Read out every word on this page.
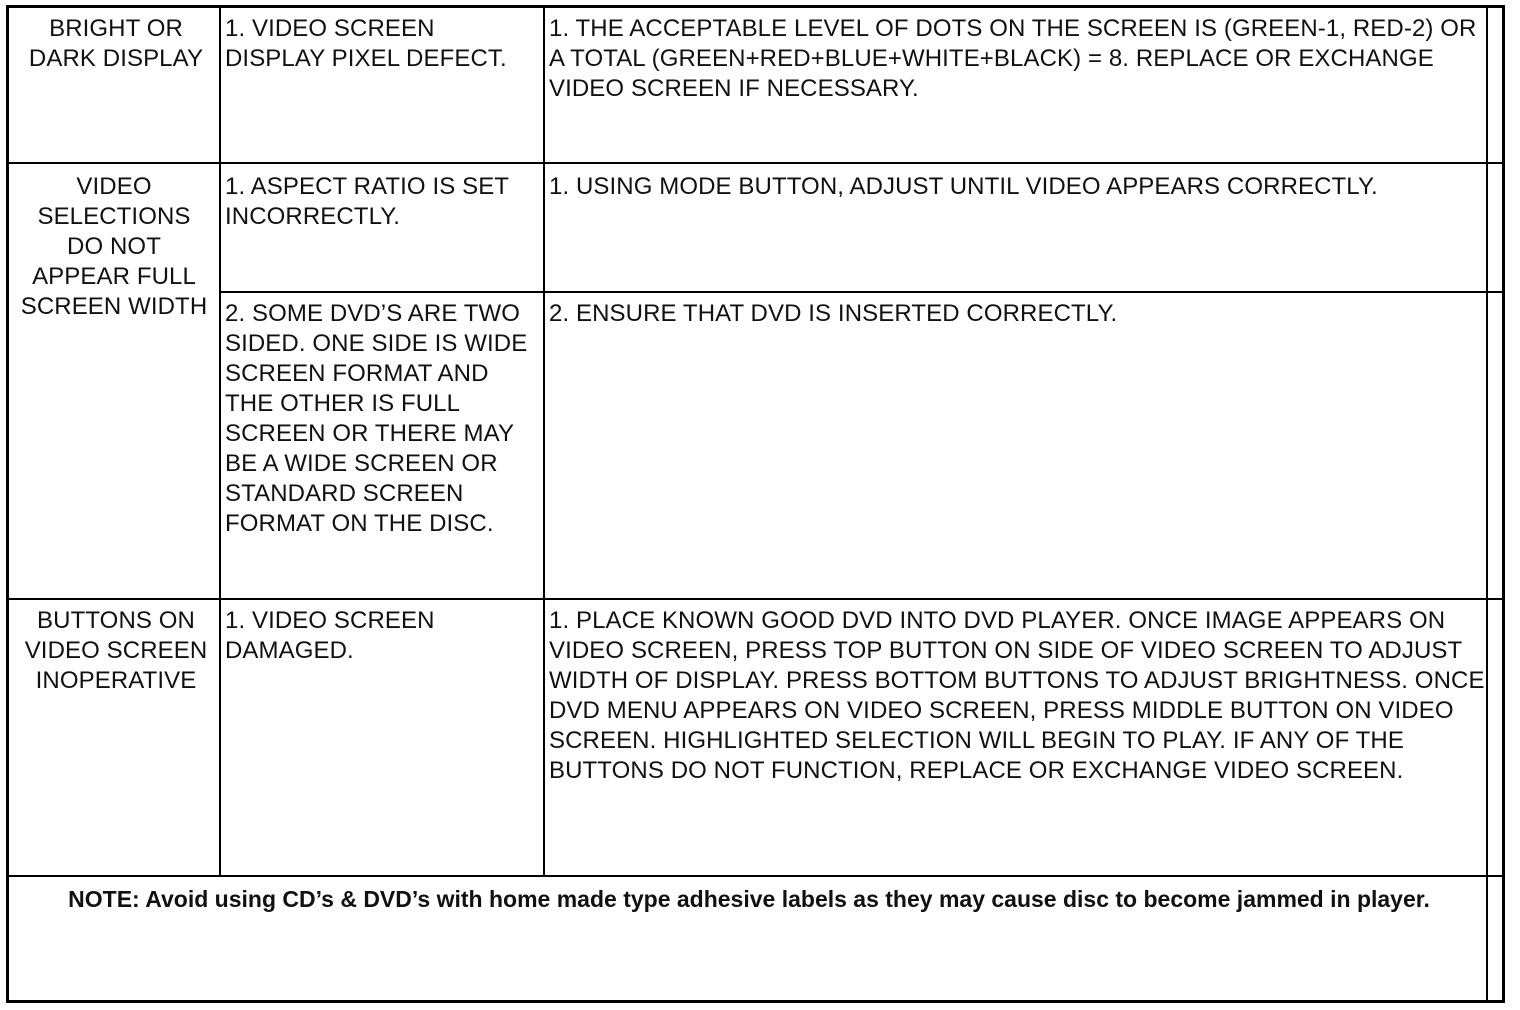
BRIGHT OR DARK DISPLAY
1. VIDEO SCREEN DISPLAY PIXEL DEFECT.
1. THE ACCEPTABLE LEVEL OF DOTS ON THE SCREEN IS (GREEN-1, RED-2) OR A TOTAL (GREEN+RED+BLUE+WHITE+BLACK) = 8. REPLACE OR EXCHANGE VIDEO SCREEN IF NECESSARY.
VIDEO SELECTIONS DO NOT APPEAR FULL SCREEN WIDTH
1. ASPECT RATIO IS SET INCORRECTLY.
1. USING MODE BUTTON, ADJUST UNTIL VIDEO APPEARS CORRECTLY.
2. SOME DVD’S ARE TWO SIDED. ONE SIDE IS WIDE SCREEN FORMAT AND THE OTHER IS FULL SCREEN OR THERE MAY BE A WIDE SCREEN OR STANDARD SCREEN FORMAT ON THE DISC.
2. ENSURE THAT DVD IS INSERTED CORRECTLY.
BUTTONS ON VIDEO SCREEN INOPERATIVE
1. VIDEO SCREEN DAMAGED.
1. PLACE KNOWN GOOD DVD INTO DVD PLAYER. ONCE IMAGE APPEARS ON VIDEO SCREEN, PRESS TOP BUTTON ON SIDE OF VIDEO SCREEN TO ADJUST WIDTH OF DISPLAY. PRESS BOTTOM BUTTONS TO ADJUST BRIGHTNESS. ONCE DVD MENU APPEARS ON VIDEO SCREEN, PRESS MIDDLE BUTTON ON VIDEO SCREEN. HIGHLIGHTED SELECTION WILL BEGIN TO PLAY. IF ANY OF THE BUTTONS DO NOT FUNCTION, REPLACE OR EXCHANGE VIDEO SCREEN.
NOTE: Avoid using CD’s & DVD’s with home made type adhesive labels as they may cause disc to become jammed in player.
